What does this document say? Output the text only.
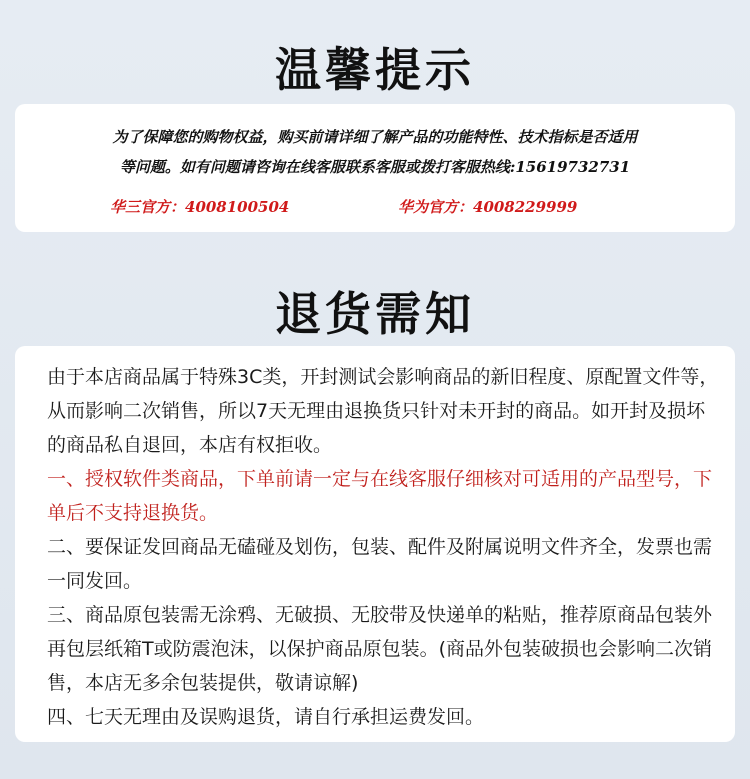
温馨提示

为了保障您的购物权益，购买前请详细了解产品的功能特性、技术指标是否适用

等问题。如有问题请咨询在线客服联系客服或拨打客服热线:15619732731

华三官方：4008100504	华为官方：4008229999
退货需知

由于本店商品属于特殊3C类，开封测试会影响商品的新旧程度、原配置文件等，从而影响二次销售，所以7天无理由退换货只针对未开封的商品。如开封及损坏的商品私自退回，本店有权拒收。

一、授权软件类商品，下单前请一定与在线客服仔细核对可适用的产品型号，下单后不支持退换货。

二、要保证发回商品无磕碰及划伤，包装、配件及附属说明文件齐全，发票也需一同发回。

三、商品原包装需无涂鸦、无破损、无胶带及快递单的粘贴，推荐原商品包装外再包层纸箱T或防震泡沫，以保护商品原包装。(商品外包装破损也会影响二次销售，本店无多余包装提供，敬请谅解)

四、七天无理由及误购退货，请自行承担运费发回。
